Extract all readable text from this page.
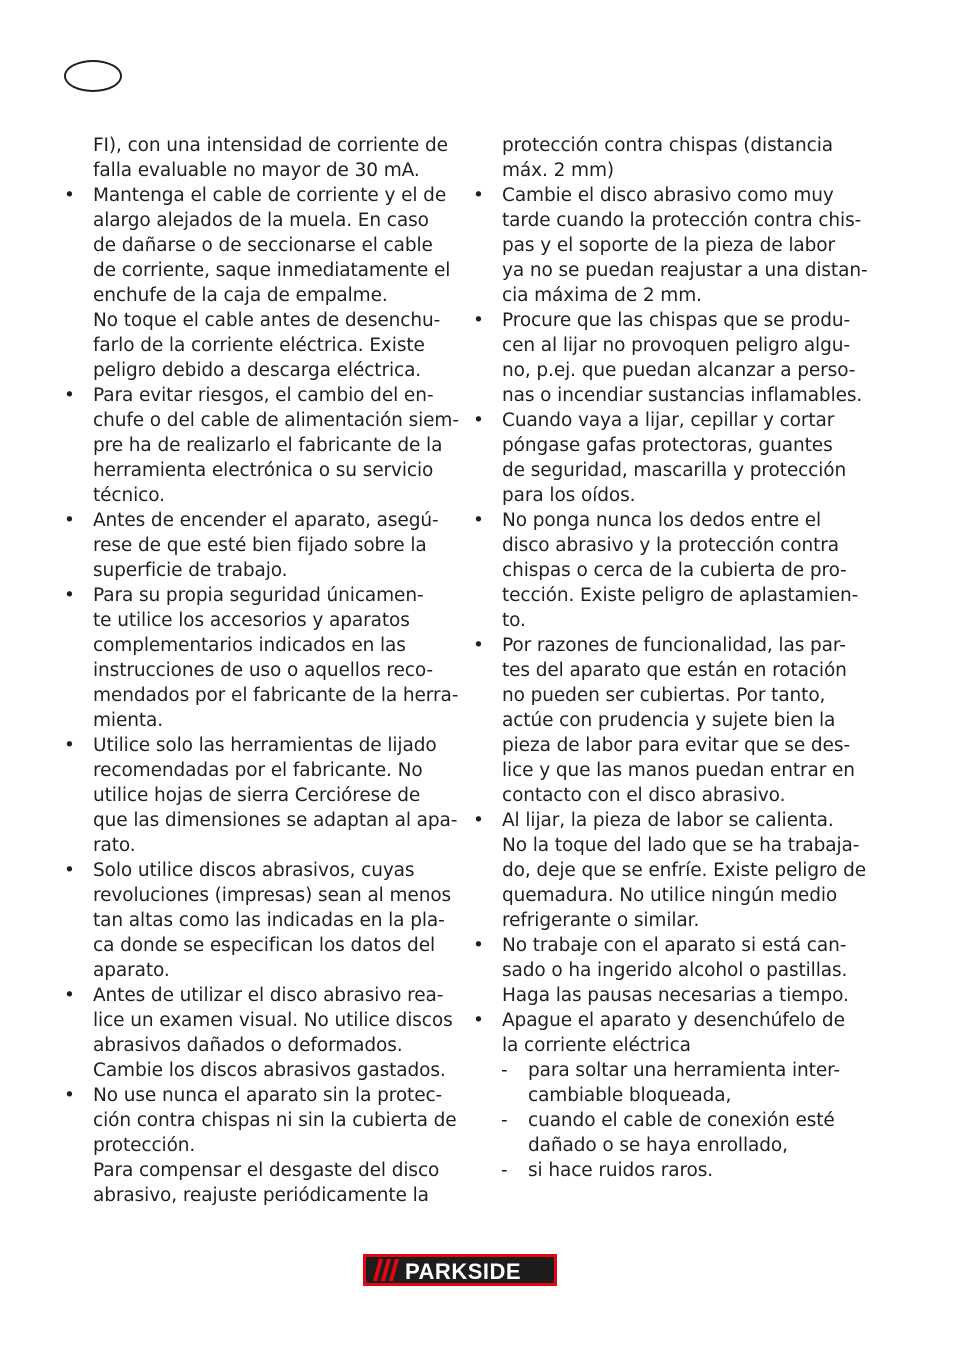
FI), con una intensidad de corriente de
falla evaluable no mayor de 30 mA.
• Mantenga el cable de corriente y el de
alargo alejados de la muela. En caso
de dañarse o de seccionarse el cable
de corriente, saque inmediatamente el
enchufe de la caja de empalme.
No toque el cable antes de desenchu-
farlo de la corriente eléctrica. Existe
peligro debido a descarga eléctrica.
• Para evitar riesgos, el cambio del en-
chufe o del cable de alimentación siem-
pre ha de realizarlo el fabricante de la
herramienta electrónica o su servicio
técnico.
• Antes de encender el aparato, asegú-
rese de que esté bien fijado sobre la
superficie de trabajo.
• Para su propia seguridad únicamen-
te utilice los accesorios y aparatos
complementarios indicados en las
instrucciones de uso o aquellos reco-
mendados por el fabricante de la herra-
mienta.
• Utilice solo las herramientas de lijado
recomendadas por el fabricante. No
utilice hojas de sierra Cerciórese de
que las dimensiones se adaptan al apa-
rato.
• Solo utilice discos abrasivos, cuyas
revoluciones (impresas) sean al menos
tan altas como las indicadas en la pla-
ca donde se especifican los datos del
aparato.
• Antes de utilizar el disco abrasivo rea-
lice un examen visual. No utilice discos
abrasivos dañados o deformados.
Cambie los discos abrasivos gastados.
• No use nunca el aparato sin la protec-
ción contra chispas ni sin la cubierta de
protección.
Para compensar el desgaste del disco
abrasivo, reajuste periódicamente la
protección contra chispas (distancia
máx. 2 mm)
• Cambie el disco abrasivo como muy
tarde cuando la protección contra chis-
pas y el soporte de la pieza de labor
ya no se puedan reajustar a una distan-
cia máxima de 2 mm.
• Procure que las chispas que se produ-
cen al lijar no provoquen peligro algu-
no, p.ej. que puedan alcanzar a perso-
nas o incendiar sustancias inflamables.
• Cuando vaya a lijar, cepillar y cortar
póngase gafas protectoras, guantes
de seguridad, mascarilla y protección
para los oídos.
• No ponga nunca los dedos entre el
disco abrasivo y la protección contra
chispas o cerca de la cubierta de pro-
tección. Existe peligro de aplastamien-
to.
• Por razones de funcionalidad, las par-
tes del aparato que están en rotación
no pueden ser cubiertas. Por tanto,
actúe con prudencia y sujete bien la
pieza de labor para evitar que se des-
lice y que las manos puedan entrar en
contacto con el disco abrasivo.
• Al lijar, la pieza de labor se calienta.
No la toque del lado que se ha trabaja-
do, deje que se enfríe. Existe peligro de
quemadura. No utilice ningún medio
refrigerante o similar.
• No trabaje con el aparato si está can-
sado o ha ingerido alcohol o pastillas.
Haga las pausas necesarias a tiempo.
• Apague el aparato y desenchúfelo de
la corriente eléctrica
- para soltar una herramienta inter-
cambiable bloqueada,
- cuando el cable de conexión esté
dañado o se haya enrollado,
- si hace ruidos raros.
PARKSIDE
